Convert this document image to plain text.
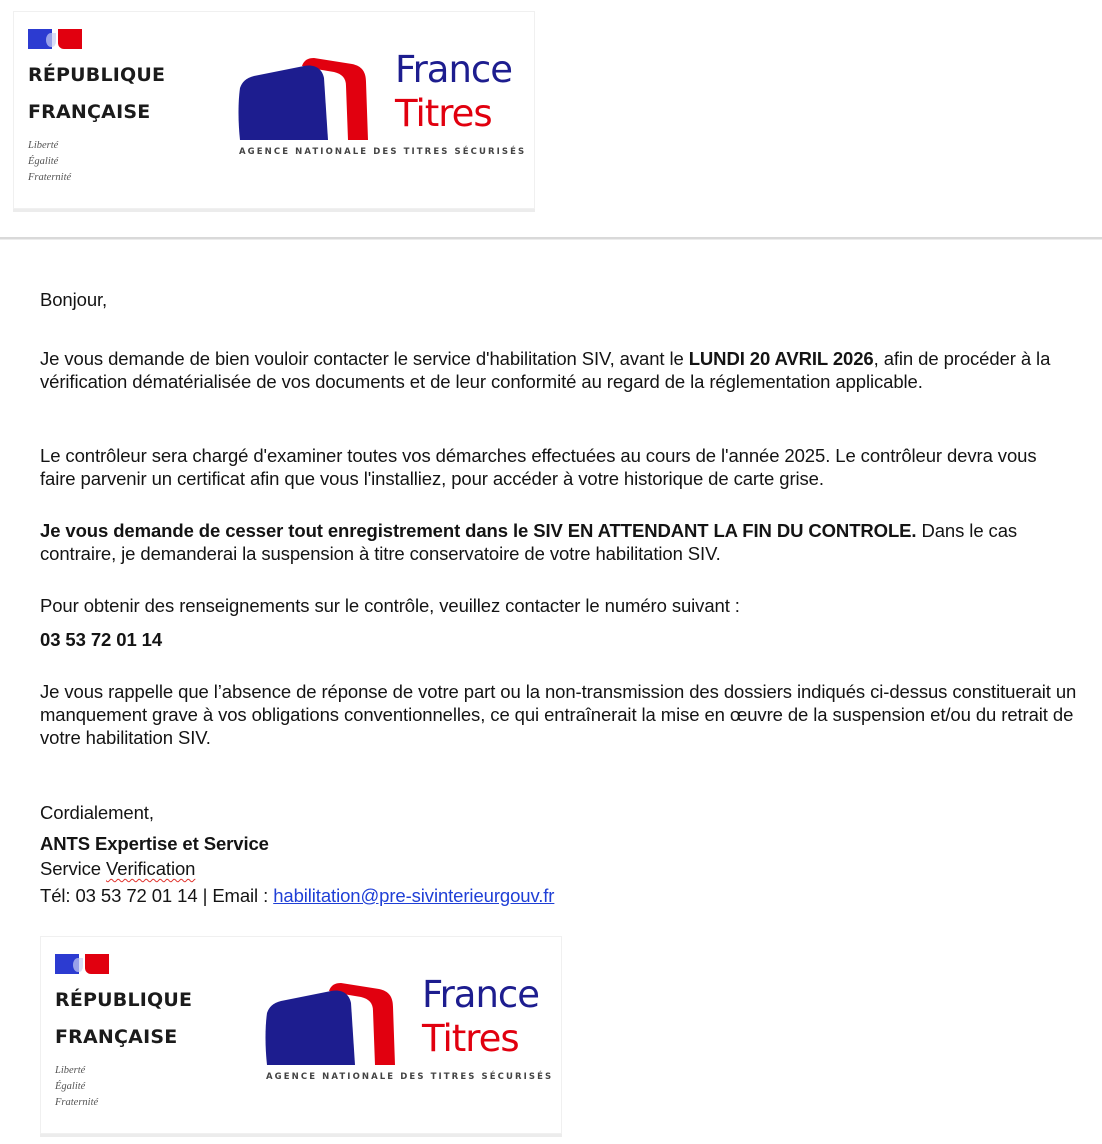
RÉPUBLIQUE
FRANÇAISE
Liberté
Égalité
Fraternité
France
Titres
AGENCE NATIONALE DES TITRES SÉCURISÉS

Bonjour,

Je vous demande de bien vouloir contacter le service d'habilitation SIV, avant le LUNDI 20 AVRIL 2026, afin de procéder à la vérification dématérialisée de vos documents et de leur conformité au regard de la réglementation applicable.

Le contrôleur sera chargé d'examiner toutes vos démarches effectuées au cours de l'année 2025. Le contrôleur devra vous faire parvenir un certificat afin que vous l'installiez, pour accéder à votre historique de carte grise.

Je vous demande de cesser tout enregistrement dans le SIV EN ATTENDANT LA FIN DU CONTROLE. Dans le cas contraire, je demanderai la suspension à titre conservatoire de votre habilitation SIV.

Pour obtenir des renseignements sur le contrôle, veuillez contacter le numéro suivant :

03 53 72 01 14

Je vous rappelle que l’absence de réponse de votre part ou la non-transmission des dossiers indiqués ci-dessus constituerait un manquement grave à vos obligations conventionnelles, ce qui entraînerait la mise en œuvre de la suspension et/ou du retrait de votre habilitation SIV.

Cordialement,

ANTS Expertise et Service

Service Verification

Tél: 03 53 72 01 14 | Email : habilitation@pre-sivinterieurgouv.fr

RÉPUBLIQUE
FRANÇAISE
Liberté
Égalité
Fraternité
France
Titres
AGENCE NATIONALE DES TITRES SÉCURISÉS
